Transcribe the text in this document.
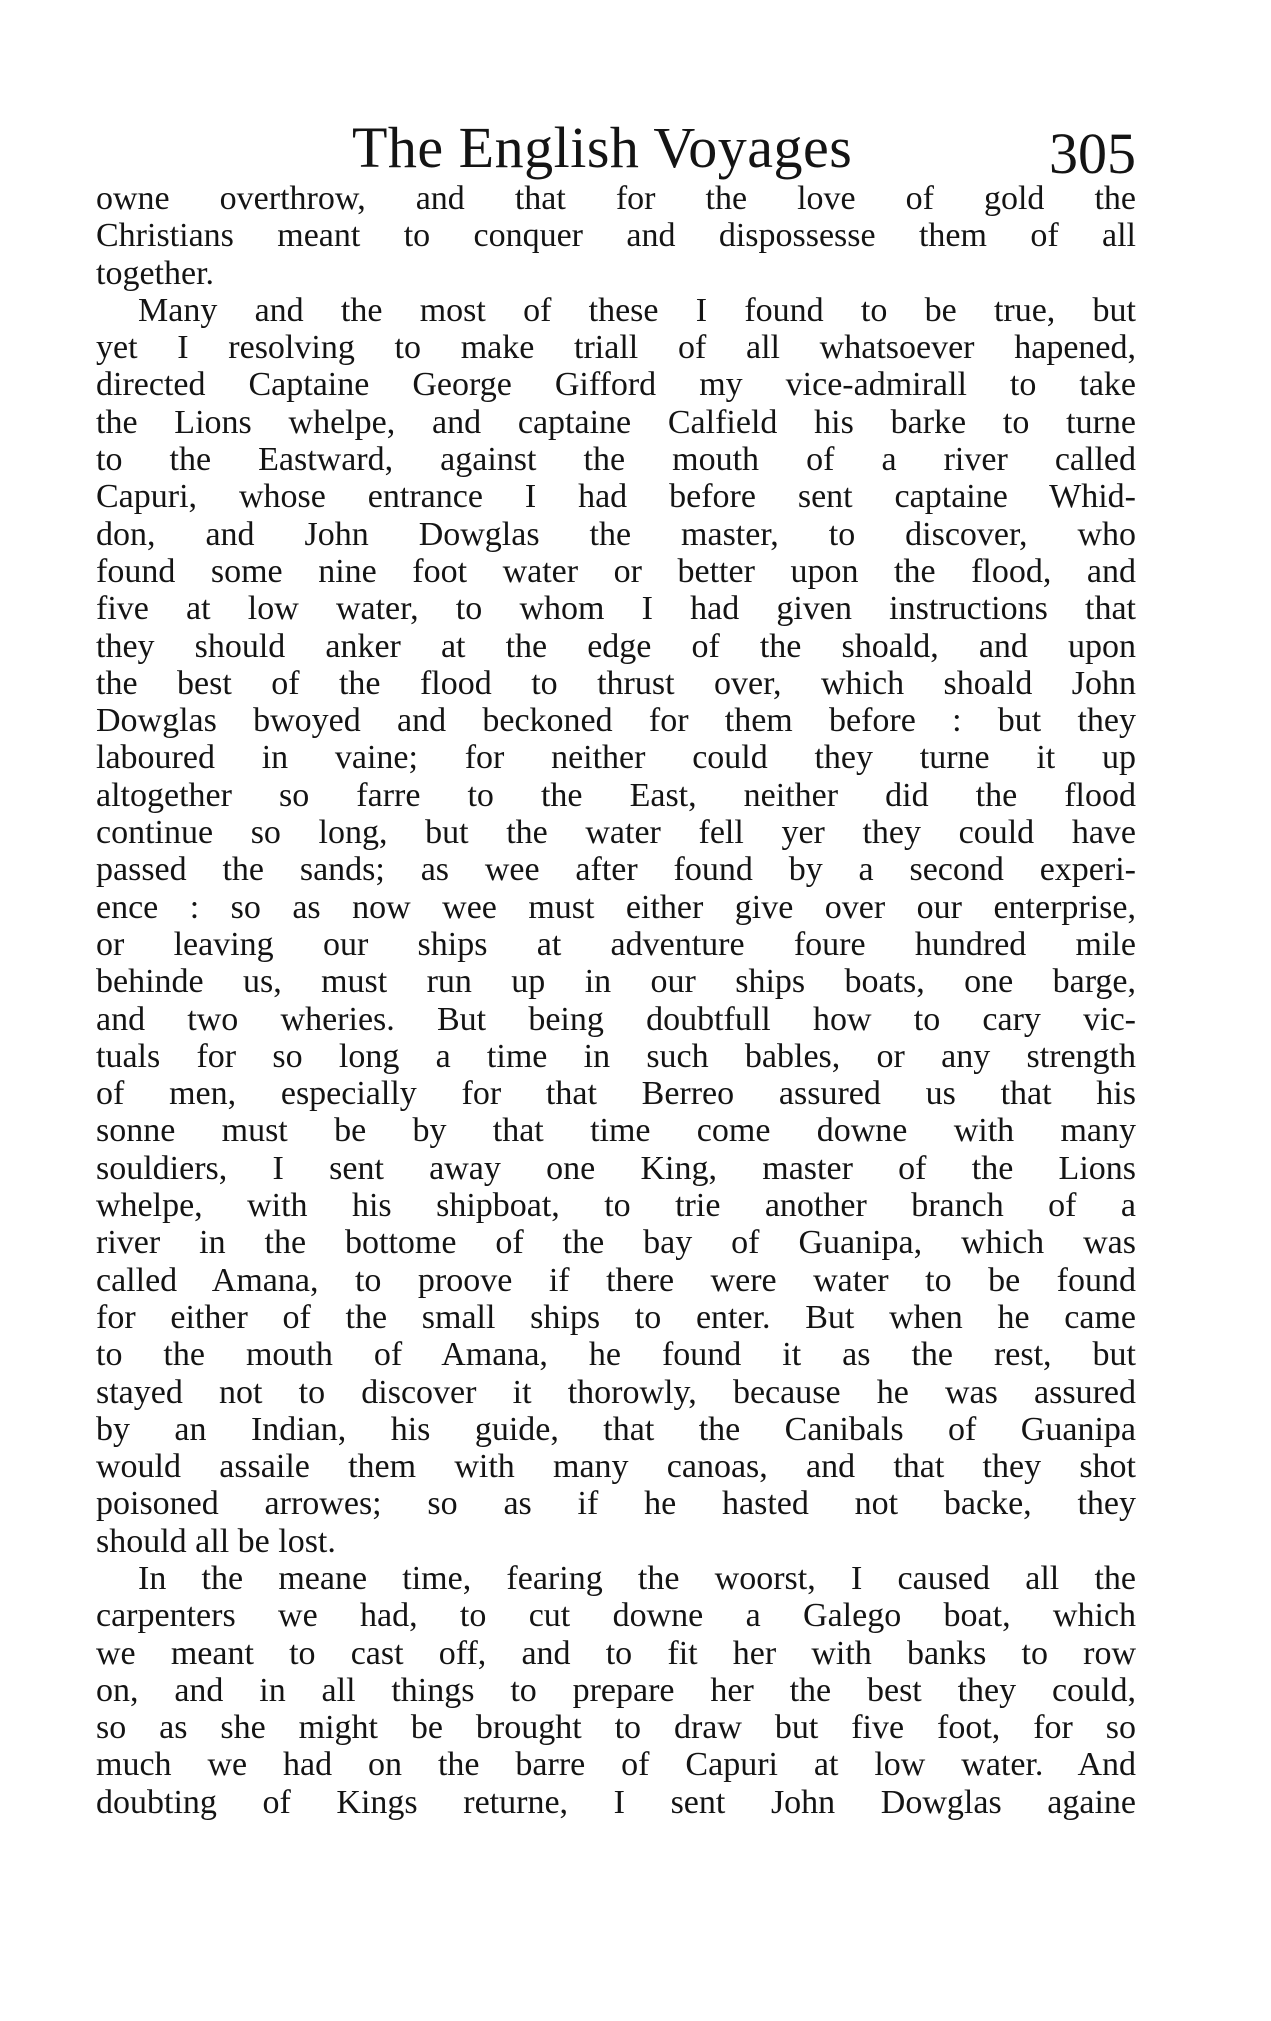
The English Voyages	305
owne overthrow, and that for the love of gold the
Christians meant to conquer and dispossesse them of all
together.
Many and the most of these I found to be true, but
yet I resolving to make triall of all whatsoever hapened,
directed Captaine George Gifford my vice-admirall to take
the Lions whelpe, and captaine Calfield his barke to turne
to the Eastward, against the mouth of a river called
Capuri, whose entrance I had before sent captaine Whid-
don, and John Dowglas the master, to discover, who
found some nine foot water or better upon the flood, and
five at low water, to whom I had given instructions that
they should anker at the edge of the shoald, and upon
the best of the flood to thrust over, which shoald John
Dowglas bwoyed and beckoned for them before : but they
laboured in vaine; for neither could they turne it up
altogether so farre to the East, neither did the flood
continue so long, but the water fell yer they could have
passed the sands; as wee after found by a second experi-
ence : so as now wee must either give over our enterprise,
or leaving our ships at adventure foure hundred mile
behinde us, must run up in our ships boats, one barge,
and two wheries. But being doubtfull how to cary vic-
tuals for so long a time in such bables, or any strength
of men, especially for that Berreo assured us that his
sonne must be by that time come downe with many
souldiers, I sent away one King, master of the Lions
whelpe, with his shipboat, to trie another branch of a
river in the bottome of the bay of Guanipa, which was
called Amana, to proove if there were water to be found
for either of the small ships to enter. But when he came
to the mouth of Amana, he found it as the rest, but
stayed not to discover it thorowly, because he was assured
by an Indian, his guide, that the Canibals of Guanipa
would assaile them with many canoas, and that they shot
poisoned arrowes; so as if he hasted not backe, they
should all be lost.
In the meane time, fearing the woorst, I caused all the
carpenters we had, to cut downe a Galego boat, which
we meant to cast off, and to fit her with banks to row
on, and in all things to prepare her the best they could,
so as she might be brought to draw but five foot, for so
much we had on the barre of Capuri at low water. And
doubting of Kings returne, I sent John Dowglas againe
